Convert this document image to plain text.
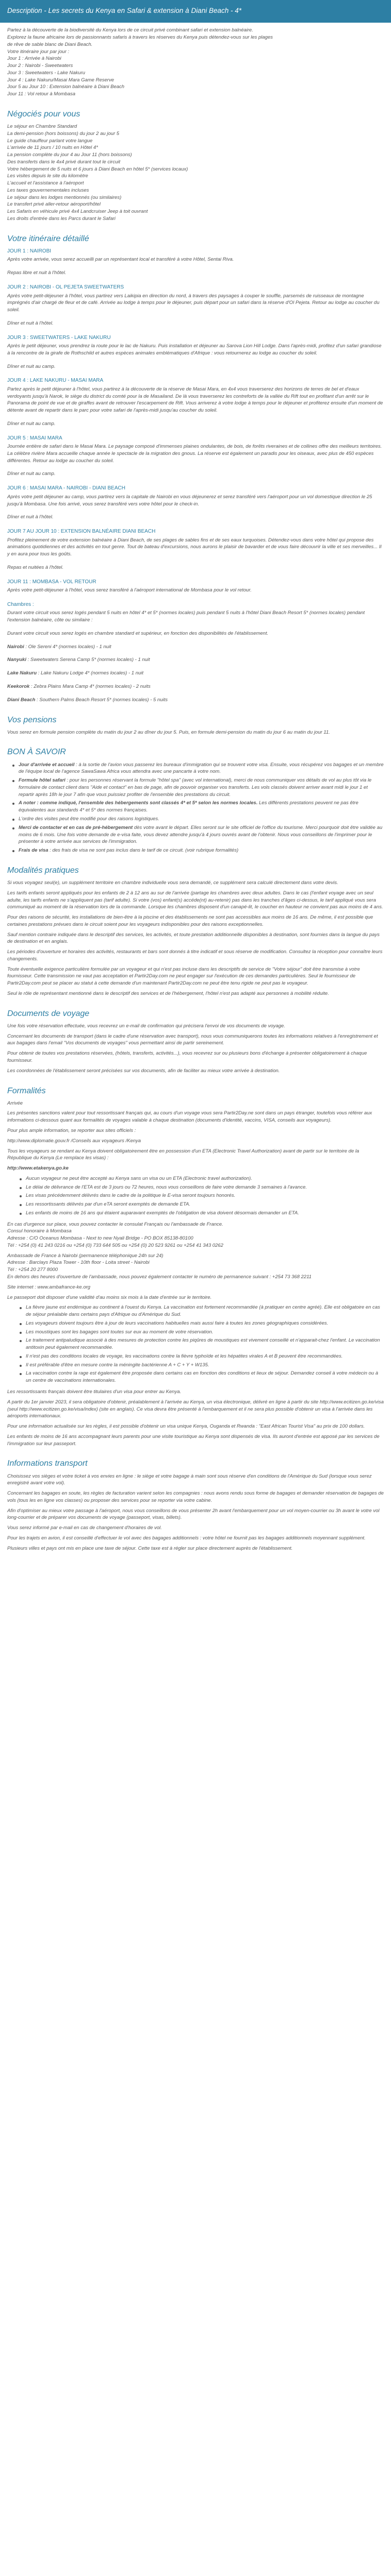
Description - Les secrets du Kenya en Safari & extension à Diani Beach - 4*

Partez à la découverte de la biodiversité du Kenya lors de ce circuit privé combinant safari et extension balnéaire.

Explorez la faune africaine lors de passionnants safaris à travers les réserves du Kenya puis détendez-vous sur les plages

de rêve de sable blanc de Diani Beach.

Votre itinéraire jour par jour :

Jour 1 : Arrivée à Nairobi

Jour 2 : Nairobi - Sweetwaters

Jour 3 : Sweetwaters - Lake Nakuru

Jour 4 : Lake Nakuru/Masai Mara Game Reserve

Jour 5 au Jour 10 : Extension balnéaire à Diani Beach

Jour 11 : Vol retour à Mombasa

Négociés pour vous

Le séjour en Chambre Standard

La demi-pension (hors boissons) du jour 2 au jour 5

Le guide chauffeur parlant votre langue

L'arrivée de 11 jours / 10 nuits en Hôtel 4*

La pension complète du jour 4 au Jour 11 (hors boissons)

Des transferts dans le 4x4 privé durant tout le circuit

Votre hébergement de 5 nuits et 6 jours à Diani Beach en hôtel 5* (services locaux)

Les visites depuis le site du kilomètre

L'accueil et l'assistance à l'aéroport

Les taxes gouvernementales incluses

Le séjour dans les lodges mentionnés (ou similaires)

Le transfert privé aller-retour aéroport/hôtel

Les Safaris en véhicule privé 4x4 Landcruiser Jeep à toit ouvrant

Les droits d'entrée dans les Parcs durant le Safari

Votre itinéraire détaillé
JOUR 1 : NAIROBI

Après votre arrivée, vous serez accueilli par un représentant local et transféré à votre Hôtel, Sentai Riva.

Repas libre et nuit à l'hôtel.

JOUR 2 : NAIROBI - OL PEJETA SWEETWATERS

Après votre petit-déjeuner à l'hôtel, vous partirez vers Laikipia en direction du nord, à travers des paysages à couper le souffle, parsemés de ruisseaux de montagne imprégnés d'air chargé de fleur et de café. Arrivée au lodge à temps pour le déjeuner, puis départ pour un safari dans la réserve d'Ol Pejeta. Retour au lodge au coucher du soleil.

Dîner et nuit à l'hôtel.

JOUR 3 : SWEETWATERS - LAKE NAKURU

Après le petit déjeuner, vous prendrez la route pour le lac de Nakuru. Puis installation et déjeuner au Sarova Lion Hill Lodge. Dans l'après-midi, profitez d'un safari grandiose à la rencontre de la girafe de Rothschild et autres espèces animales emblématiques d'Afrique : vous retournerez au lodge au coucher du soleil.

Dîner et nuit au camp.

JOUR 4 : LAKE NAKURU - MASAI MARA

Partez après le petit déjeuner à l'hôtel, vous partirez à la découverte de la réserve de Masai Mara, en 4x4 vous traverserez des horizons de terres de bel et d'eaux verdoyants jusqu'à Narok, le siège du district du comté pour la de Masailand. De là vous traverserez les contreforts de la vallée du Rift tout en profitant d'un arrêt sur le Panorama de point de vue et de giraffes avant de retrouver l'escarpement de Rift. Vous arriverez à votre lodge à temps pour le déjeuner et profiterez ensuite d'un moment de détente avant de repartir dans le parc pour votre safari de l'après-midi jusqu'au coucher du soleil.

Dîner et nuit au camp.

JOUR 5 : MASAI MARA

Journée entière de safari dans le Masai Mara. Le paysage composé d'immenses plaines ondulantes, de bois, de forêts riveraines et de collines offre des meilleurs territoires. La célèbre rivière Mara accueille chaque année le spectacle de la migration des gnous. La réserve est également un paradis pour les oiseaux, avec plus de 450 espèces différentes. Retour au lodge au coucher du soleil.

Dîner et nuit au camp.

JOUR 6 : MASAI MARA - NAIROBI - DIANI BEACH

Après votre petit déjeuner au camp, vous partirez vers la capitale de Nairobi en vous déjeunerez et serez transféré vers l'aéroport pour un vol domestique direction le 25 jusqu'à Mombasa. Une fois arrivé, vous serez transféré vers votre hôtel pour le check-in.

Dîner et nuit à l'hôtel.

JOUR 7 AU JOUR 10 : EXTENSION BALNÉAIRE DIANI BEACH

Profitez pleinement de votre extension balnéaire à Diani Beach, de ses plages de sables fins et de ses eaux turquoises. Détendez-vous dans votre hôtel qui propose des animations quotidiennes et des activités en tout genre. Tout de bateau d'excursions, nous aurons le plaisir de bavarder et de vous faire découvrir la ville et ses merveilles... Il y en aura pour tous les goûts.

Repas et nuitées à l'hôtel.

JOUR 11 : MOMBASA - VOL RETOUR

Après votre petit-déjeuner à l'hôtel, vous serez transféré à l'aéroport international de Mombasa pour le vol retour.

Chambres :

Durant votre circuit vous serez logés pendant 5 nuits en hôtel 4* et 5* (normes locales) puis pendant 5 nuits à l'hôtel Diani Beach Resort 5* (normes locales) pendant l'extension balnéaire, côte ou similaire :

Durant votre circuit vous serez logés en chambre standard et supérieur, en fonction des disponibilités de l'établissement.

Nairobi : Ole Sereni 4* (normes locales) - 1 nuit

Nanyuki : Sweetwaters Serena Camp 5* (normes locales) - 1 nuit

Lake Nakuru : Lake Nakuru Lodge 4* (normes locales) - 1 nuit

Keekorok : Zebra Plains Mara Camp 4* (normes locales) - 2 nuits

Diani Beach : Southern Palms Beach Resort 5* (normes locales) - 5 nuits

Vos pensions

Vous serez en formule pension complète du matin du jour 2 au dîner du jour 5. Puis, en formule demi-pension du matin du jour 6 au matin du jour 11.

BON À SAVOIR
Jour d'arrivée et accueil : à la sortie de l'avion vous passerez les bureaux d'immigration qui se trouvent votre visa. Ensuite, vous récupérez vos bagages et un membre de l'équipe local de l'agence SawaSawa Africa vous attendra avec une pancarte à votre nom.
Formule hôtel safari : pour les personnes réservant la formule "hôtel spa" (avec vol international), merci de nous communiquer vos détails de vol au plus tôt via le formulaire de contact client dans "Aide et contact" en bas de page, afin de pouvoir organiser vos transferts. Les vols classés doivent arriver avant midi le jour 1 et repartir après 18h le jour 7 afin que vous puissiez profiter de l'ensemble des prestations du circuit.
A noter : comme indiqué, l'ensemble des hébergements sont classés 4* et 5* selon les normes locales. Les différents prestations peuvent ne pas être équivalentes aux standards 4* et 5* des normes françaises.
L'ordre des visites peut être modifié pour des raisons logistiques.
Merci de contacter et en cas de pré-hébergement dès votre avant le départ. Elles seront sur le site officiel de l'office du tourisme. Merci pourquoir doit être validée au moins de 6 mois. Une fois votre demande de e-visa faite, vous devez attendre jusqu'à 4 jours ouvrés avant de l'obtenir. Nous vous conseillons de l'imprimer pour le présenter à votre arrivée aux services de l'immigration.
Frais de visa : des frais de visa ne sont pas inclus dans le tarif de ce circuit. (voir rubrique formalités)
Modalités pratiques

Si vous voyagez seul(e), un supplément territoire en chambre individuelle vous sera demandé, ce supplément sera calculé directement dans votre devis.

Les tarifs enfants seront appliqués pour les enfants de 2 à 12 ans au sur de l'arrivée (partage les chambres avec deux adultes. Dans le cas (l'enfant voyage avec un seul adulte, les tarifs enfants ne s'appliquent pas (tarif adulte). Si votre (vos) enfant(s) accéde(nt) au-retenir) pas dans les tranches d'âges ci-dessus, le tarif appliqué vous sera communiqué au moment de la réservation lors de la commande. Lorsque les chambres disposent d'un canapé-lit, le coucher en hauteur ne convient pas aux moins de 4 ans.

Pour des raisons de sécurité, les installations de bien-être à la piscine et des établissements ne sont pas accessibles aux moins de 16 ans. De même, il est possible que certaines prestations prévues dans le circuit soient pour les voyageurs indisponibles pour des raisons exceptionnelles.

Sauf mention contraire indiquée dans le descriptif des services, les activités, et toute prestation additionnelle disponibles à destination, sont fournies dans la langue du pays de destination et en anglais.

Les périodes d'ouverture et horaires des activités, restaurants et bars sont donnés à titre indicatif et sous réserve de modification. Consultez la réception pour connaître leurs changements.

Toute éventuelle exigence particulière formulée par un voyageur et qui n'est pas incluse dans les descriptifs de service de "Votre séjour" doit être transmise à votre fournisseur. Cette transmission ne vaut pas acceptation et Partir2Day.com ne peut engager sur l'exécution de ces demandes particulières. Seul le fournisseur de Partir2Day.com peut se placer au statut à cette demande d'un maintenant Partir2Day.com ne peut être tenu rigide ne peut pas le voyageur.

Seul le rôle de représentant mentionné dans le descriptif des services et de l'hébergement, l'hôtel n'est pas adapté aux personnes à mobilité réduite.

Documents de voyage

Une fois votre réservation effectuée, vous recevrez un e-mail de confirmation qui précisera l'envoi de vos documents de voyage.

Concernant les documents de transport (dans le cadre d'une réservation avec transport), nous vous communiquerons toutes les informations relatives à l'enregistrement et aux bagages dans l'email "Vos documents de voyages" vous permettant ainsi de partir sereinement.

Pour obtenir de toutes vos prestations réservées, (hôtels, transferts, activités...), vous recevrez sur ou plusieurs bons d'échange à présenter obligatoirement à chaque fournisseur.

Les coordonnées de l'établissement seront précisées sur vos documents, afin de faciliter au mieux votre arrivée à destination.

Formalités

Arrivée

Les présentes sanctions valent pour tout ressortissant français qui, au cours d'un voyage vous sera Partir2Day.ne sont dans un pays étranger, toutefois vous référer aux informations ci-dessous quant aux formalités de voyages valable à chaque destination (documents d'identité, vaccins, VISA, conseils aux voyageurs).

Pour plus ample information, se reporter aux sites officiels :

http://www.diplomatie.gouv.fr /Conseils aux voyageurs /Kenya

Tous les voyageurs se rendant au Kenya doivent obligatoirement être en possession d'un ETA (Electronic Travel Authorization) avant de partir sur le territoire de la République du Kenya (Le remplace les visas) :

http://www.etakenya.go.ke

Aucun voyageur ne peut être accepté au Kenya sans un visa ou un ETA (Electronic travel authorization).
Le délai de délivrance de l'ETA est de 3 jours ou 72 heures, nous vous conseillons de faire votre demande 3 semaines à l'avance.
Les visas précédemment délivrés dans le cadre de la politique le E-visa seront toujours honorés.
Les ressortissants délivrés par d'un eTA seront exemptés de demande ETA.
Les enfants de moins de 16 ans qui étaient auparavant exemptés de l'obligation de visa doivent désormais demander un ETA.

En cas d'urgence sur place, vous pouvez contacter le consulat Français ou l'ambassade de France.

Consul honoraire à Mombasa

Adresse : C/O Oceanus Mombasa - Next to new Nyali Bridge - PO BOX 85138-80100

Tél : +254 (0) 41 243 0216 ou +254 (0) 733 644 505 ou +254 (0) 20 523 9261 ou +254 41 343 0262

Ambassade de France à Nairobi (permanence téléphonique 24h sur 24)

Adresse : Barclays Plaza Tower - 10th floor - Loita street - Nairobi

Tél : +254 20 277 8000

En dehors des heures d'ouverture de l'ambassade, nous pouvez également contacter le numéro de permanence suivant : +254 73 368 2211

Site internet : www.ambafrance-ke.org

Le passeport doit disposer d'une validité d'au moins six mois à la date d'entrée sur le territoire.

La fièvre jaune est endémique au continent à l'ouest du Kenya. La vaccination est fortement recommandée (à pratiquer en centre agréé). Elle est obligatoire en cas de séjour préalable dans certains pays d'Afrique ou d'Amérique du Sud.
Les voyageurs doivent toujours être à jour de leurs vaccinations habituelles mais aussi faire à toutes les zones géographiques considérées.
Les moustiques sont les bagages sont toutes sur eux au moment de votre réservation.
Le traitement antipaludique associé à des mesures de protection contre les piqûres de moustiques est vivement conseillé et n'apparait-chez l'enfant. Le vaccination antitoxin peut également recommandée.
Il n'est pas des conditions locales de voyage, les vaccinations contre la fièvre typhoïde et les hépatites virales A et B peuvent être recommandées.
Il est préférable d'être en mesure contre la méningite bactérienne A + C + Y + W135.
La vaccination contre la rage est également être proposée dans certains cas en fonction des conditions et lieux de séjour. Demandez conseil à votre médecin ou à un centre de vaccinations internationales.

Les ressortissants français doivent être titulaires d'un visa pour entrer au Kenya.

A partir du 1er janvier 2023, il sera obligatoire d'obtenir, préalablement à l'arrivée au Kenya, un visa électronique, délivré en ligne à partir du site http://www.ecitizen.go.ke/visa (seul http://www.ecitizen.go.ke/visa/index) (site en anglais). Ce visa devra être présenté à l'embarquement et il ne sera plus possible d'obtenir un visa à l'arrivée dans les aéroports internationaux.

Pour une information actualisée sur les règles, il est possible d'obtenir un visa unique Kenya, Ouganda et Rwanda : "East African Tourist Visa" au prix de 100 dollars.

Les enfants de moins de 16 ans accompagnant leurs parents pour une visite touristique au Kenya sont dispensés de visa. Ils auront d'entrée est apposé par les services de l'immigration sur leur passeport.

Informations transport

Choisissez vos sièges et votre ticket à vos envies en ligne : le siège et votre bagage à main sont sous réserve d'en conditions de l'Amérique du Sud (lorsque vous serez enregistré avant votre vol).

Concernant les bagages en soute, les règles de facturation varient selon les compagnies : nous avons rendu sous forme de bagages et demander réservation de bagages de vols (tous les en ligne vos classes) ou proposer des services pour se reporter via votre cabine.

Afin d'optimiser au mieux votre passage à l'aéroport, nous vous conseillons de vous présenter 2h avant l'embarquement pour un vol moyen-courrier ou 3h avant le votre vol long-courrier et de préparer vos documents de voyage (passeport, visas, billets).

Vous serez informé par e-mail en cas de changement d'horaires de vol.

Pour les trajets en avion, il est conseillé d'effectuer le vol avec des bagages additionnels : votre hôtel ne fournit pas les bagages additionnels moyennant supplément.

Plusieurs villes et pays ont mis en place une taxe de séjour. Cette taxe est à régler sur place directement auprès de l'établissement.
